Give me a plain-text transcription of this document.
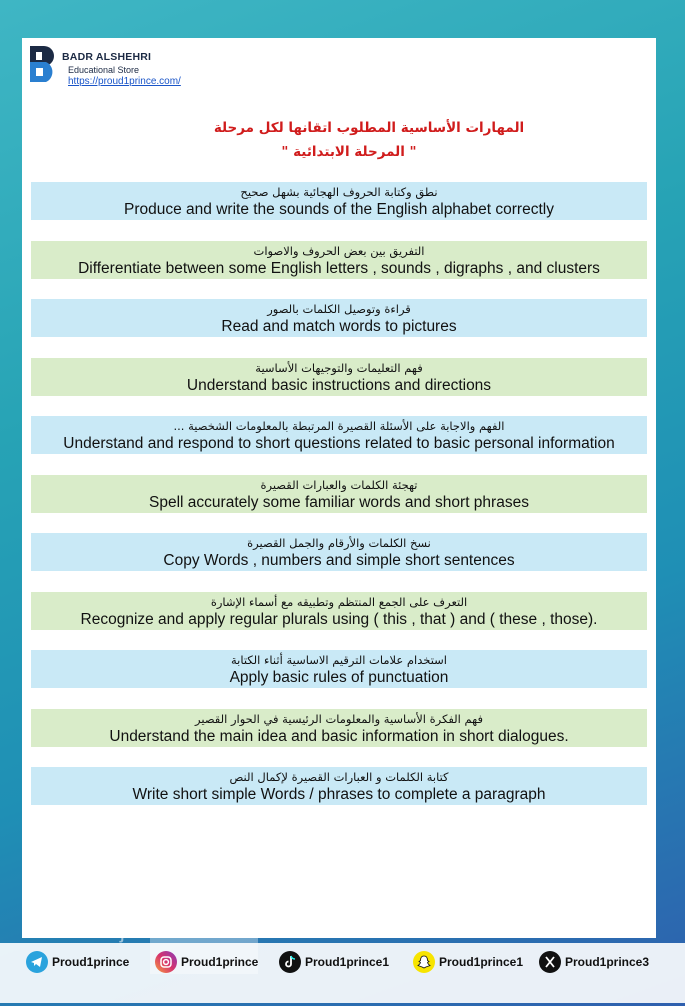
BADR ALSHEHRI
Educational Store
https://proud1prince.com/
المهارات الأساسية المطلوب اتقانها لكل مرحلة
" المرحلة الابتدائية "
نطق وكتابة الحروف الهجائية بشهل صحيح
Produce and write the sounds of the English alphabet correctly
التفريق بين بعض الحروف والاصوات
Differentiate between some English letters , sounds , digraphs , and clusters
قراءة وتوصيل الكلمات بالصور
Read and match words to pictures
فهم التعليمات والتوجيهات الأساسية
Understand basic instructions and directions
الفهم والاجابة على الأسئلة القصيرة المرتبطة بالمعلومات الشخصية ...
Understand and respond to short questions related to basic personal information
تهجئة الكلمات والعبارات القصيرة
Spell accurately some familiar words and short phrases
نسخ الكلمات والأرقام والجمل القصيرة
Copy Words , numbers and simple short sentences
التعرف على الجمع المنتظم وتطبيقه مع أسماء الإشارة
Recognize and apply regular plurals using ( this , that ) and ( these , those).
استخدام علامات الترقيم الاساسية أثناء الكتابة
Apply basic rules of punctuation
فهم الفكرة الأساسية والمعلومات الرئيسية في الحوار القصير
Understand the main idea and basic information in short dialogues.
كتابة الكلمات و العبارات القصيرة لإكمال النص
Write short simple Words / phrases to complete a paragraph
almanahj.com/sa
Proud1prince	Proud1prince	Proud1prince1	Proud1prince1	Proud1prince3
